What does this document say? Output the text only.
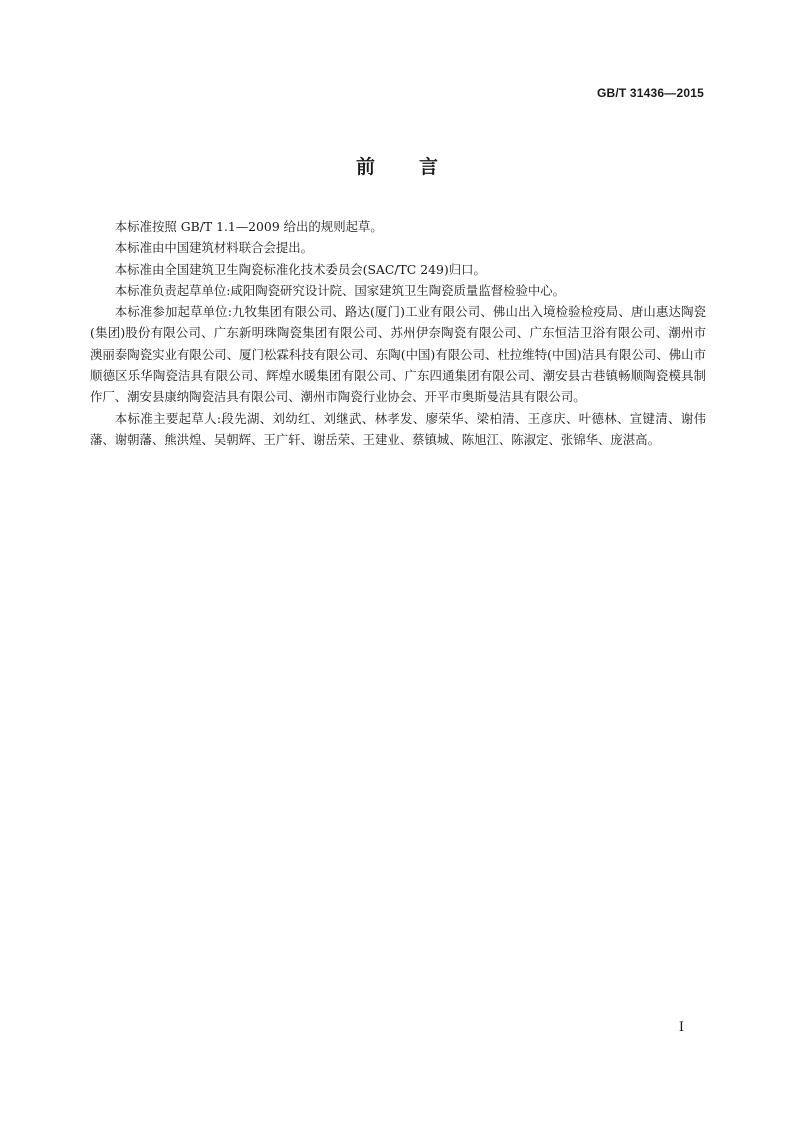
GB/T 31436—2015
前言

本标准按照 GB/T 1.1—2009 给出的规则起草。

本标准由中国建筑材料联合会提出。

本标准由全国建筑卫生陶瓷标准化技术委员会(SAC/TC 249)归口。

本标准负责起草单位:咸阳陶瓷研究设计院、国家建筑卫生陶瓷质量监督检验中心。

本标准参加起草单位:九牧集团有限公司、路达(厦门)工业有限公司、佛山出入境检验检疫局、唐山惠达陶瓷(集团)股份有限公司、广东新明珠陶瓷集团有限公司、苏州伊奈陶瓷有限公司、广东恒洁卫浴有限公司、潮州市澳丽泰陶瓷实业有限公司、厦门松霖科技有限公司、东陶(中国)有限公司、杜拉维特(中国)洁具有限公司、佛山市顺德区乐华陶瓷洁具有限公司、辉煌水暖集团有限公司、广东四通集团有限公司、潮安县古巷镇畅顺陶瓷模具制作厂、潮安县康纳陶瓷洁具有限公司、潮州市陶瓷行业协会、开平市奥斯曼洁具有限公司。

本标准主要起草人:段先湖、刘幼红、刘继武、林孝发、廖荣华、梁柏清、王彦庆、叶德林、宣键清、谢伟藩、谢朝藩、熊洪煌、吴朝辉、王广轩、谢岳荣、王建业、蔡镇城、陈旭江、陈淑定、张锦华、庞湛高。

I
